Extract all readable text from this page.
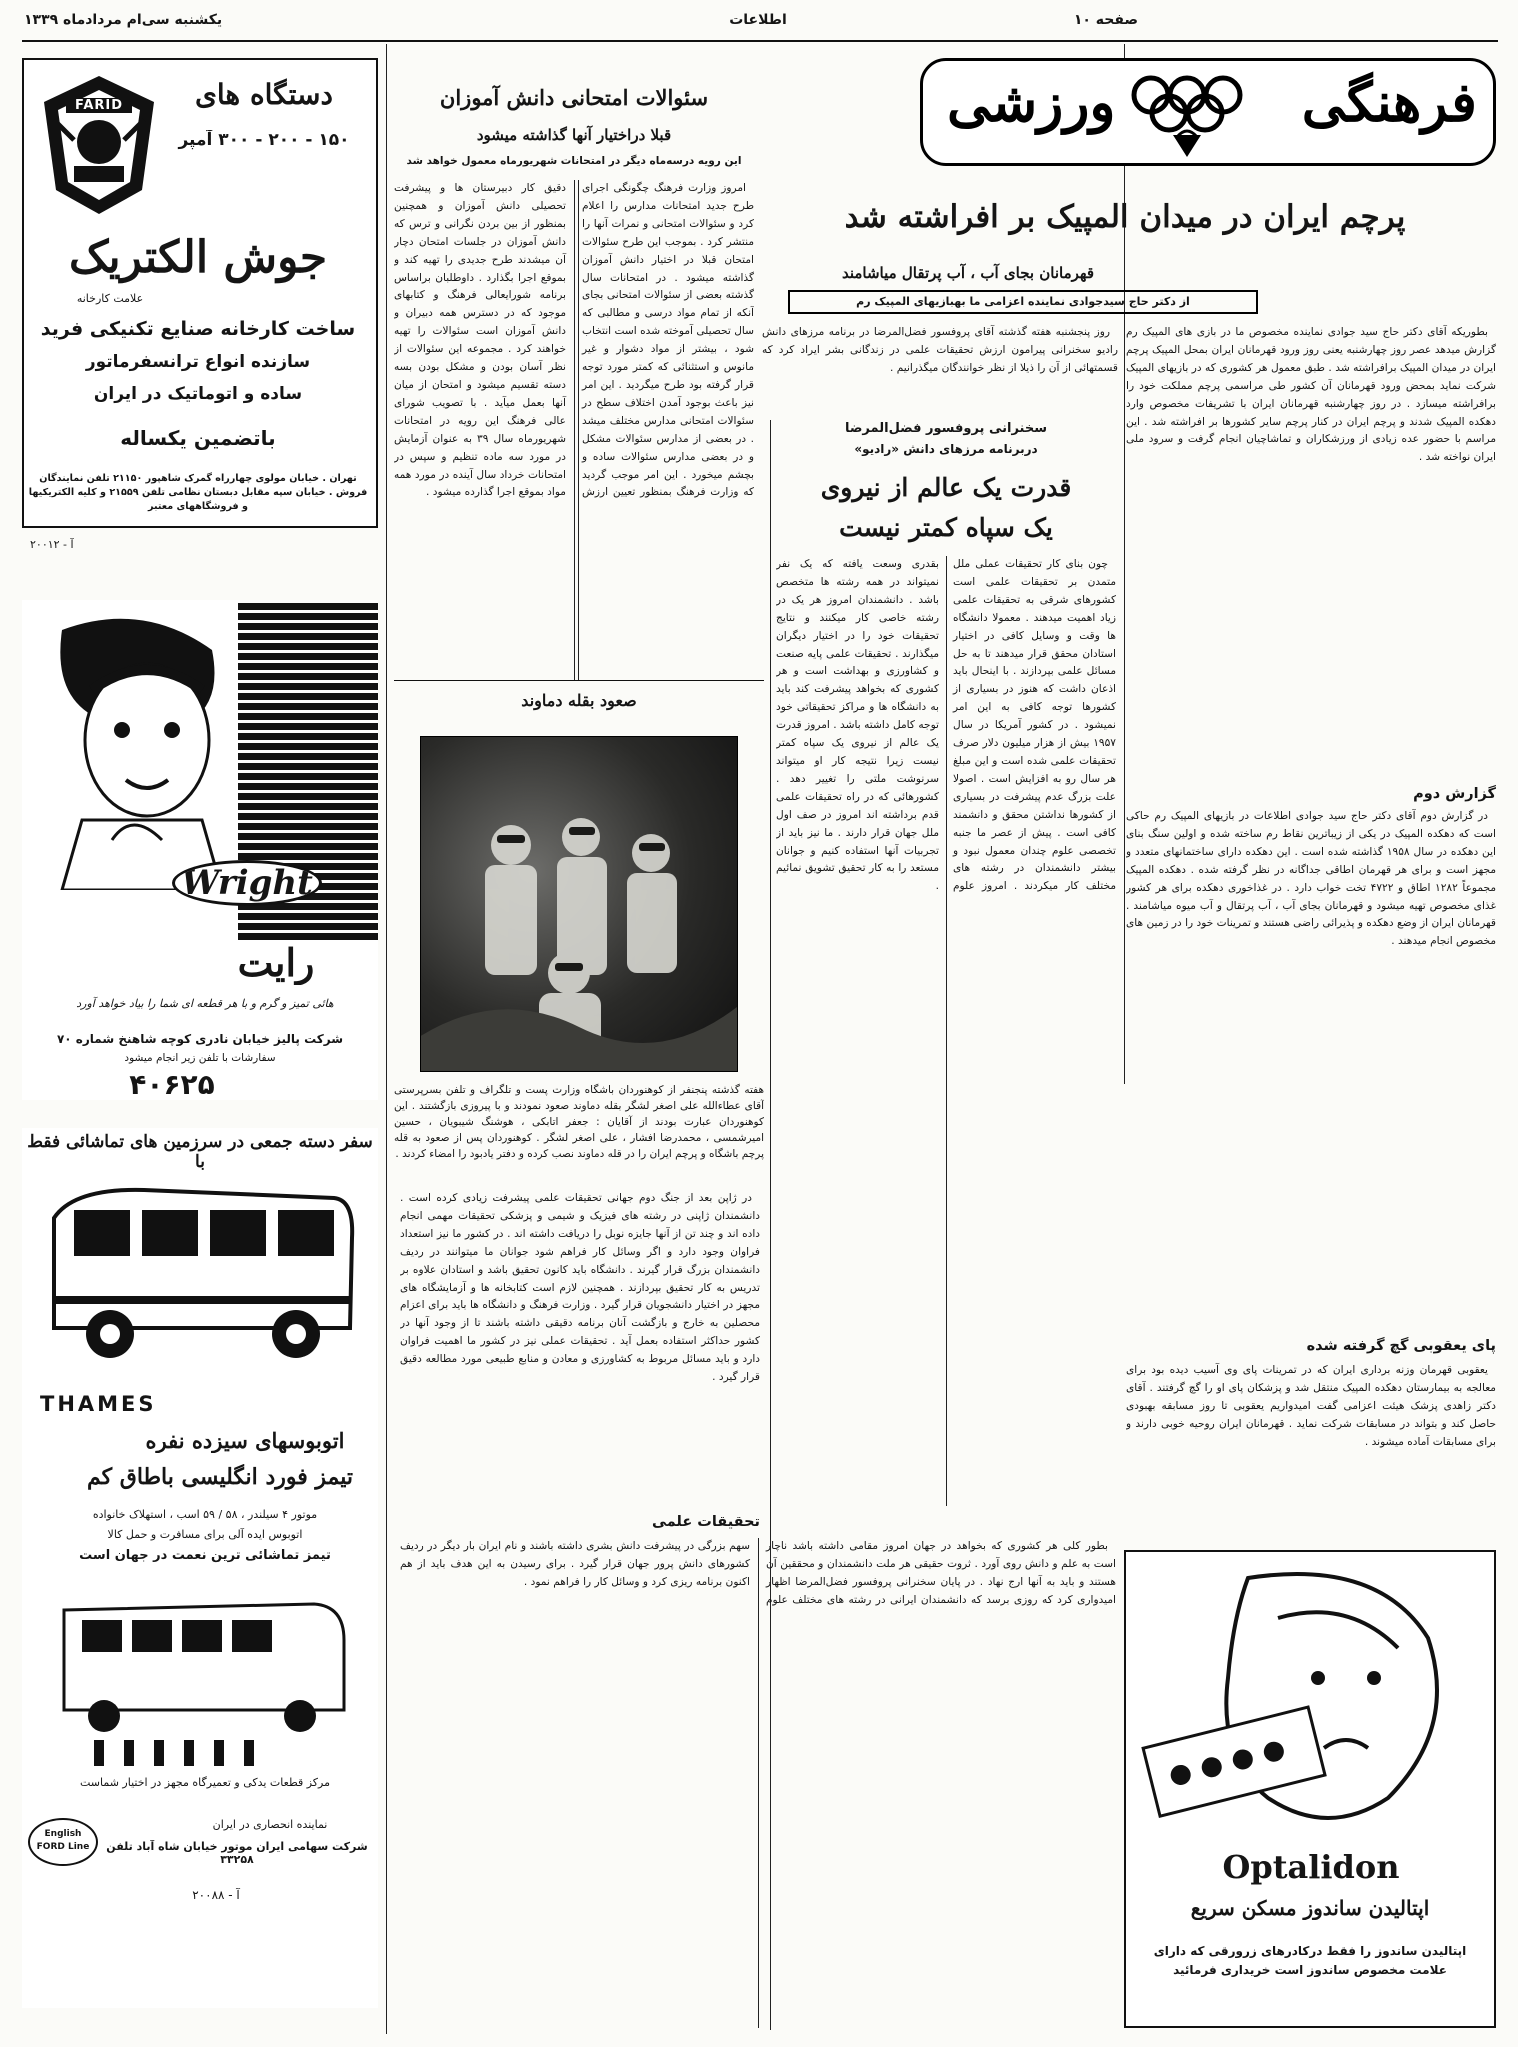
صفحه ۱۰
اطلاعات
یکشنبه سی‌ام مردادماه ۱۳۳۹
فرهنگی
ورزشی
پرچم ایران در میدان المپیک بر افراشته شد
قهرمانان بجای آب ، آب پرتقال میاشامند
از دکتر حاج سیدجوادی نماینده اعزامی ما بهبازیهای المپیک رم

بطوریکه آقای دکتر حاج سید جوادی نماینده مخصوص ما در بازی های المپیک رم گزارش میدهد عصر روز چهارشنبه یعنی روز ورود قهرمانان ایران بمحل المپیک پرچم ایران در میدان المپیک برافراشته شد . طبق معمول هر کشوری که در بازیهای المپیک شرکت نماید بمحض ورود قهرمانان آن کشور طی مراسمی پرچم مملکت خود را برافراشته میسازد . در روز چهارشنبه قهرمانان ایران با تشریفات مخصوص وارد دهکده المپیک شدند و پرچم ایران در کنار پرچم سایر کشورها بر افراشته شد . این مراسم با حضور عده زیادی از ورزشکاران و تماشاچیان انجام گرفت و سرود ملی ایران نواخته شد .

روز پنجشنبه هفته گذشته آقای پروفسور فضل‌المرضا در برنامه مرزهای دانش رادیو سخنرانی پیرامون ارزش تحقیقات علمی در زندگانی بشر ایراد کرد که قسمتهائی از آن را ذیلا از نظر خوانندگان میگذرانیم .

گزارش دوم

در گزارش دوم آقای دکتر حاج سید جوادی اطلاعات در بازیهای المپیک رم حاکی است که دهکده المپیک در یکی از زیباترین نقاط رم ساخته شده و اولین سنگ بنای این دهکده در سال ۱۹۵۸ گذاشته شده است . این دهکده دارای ساختمانهای متعدد و مجهز است و برای هر قهرمان اطاقی جداگانه در نظر گرفته شده . دهکده المپیک مجموعاً ۱۲۸۲ اطاق و ۴۷۲۲ تخت خواب دارد . در غذاخوری دهکده برای هر کشور غذای مخصوص تهیه میشود و قهرمانان بجای آب ، آب پرتقال و آب میوه میاشامند . قهرمانان ایران از وضع دهکده و پذیرائی راضی هستند و تمرینات خود را در زمین های مخصوص انجام میدهند .

پای یعقوبی گچ گرفته شده

یعقوبی قهرمان وزنه برداری ایران که در تمرینات پای وی آسیب دیده بود برای معالجه به بیمارستان دهکده المپیک منتقل شد و پزشکان پای او را گچ گرفتند . آقای دکتر زاهدی پزشک هیئت اعزامی گفت امیدواریم یعقوبی تا روز مسابقه بهبودی حاصل کند و بتواند در مسابقات شرکت نماید . قهرمانان ایران روحیه خوبی دارند و برای مسابقات آماده میشوند .

سئوالات امتحانی دانش آموزان
قبلا دراختیار آنها گذاشته میشود
این رویه درسه‌ماه دیگر در امتحانات شهریورماه معمول خواهد شد

امروز وزارت فرهنگ چگونگی اجرای طرح جدید امتحانات مدارس را اعلام کرد و سئوالات امتحانی و نمرات آنها را منتشر کرد . بموجب این طرح سئوالات امتحان قبلا در اختیار دانش آموزان گذاشته میشود . در امتحانات سال گذشته بعضی از سئوالات امتحانی بجای آنکه از تمام مواد درسی و مطالبی که سال تحصیلی آموخته شده است انتخاب شود ، بیشتر از مواد دشوار و غیر مانوس و استثنائی که کمتر مورد توجه قرار گرفته بود طرح میگردید . این امر نیز باعث بوجود آمدن اختلاف سطح در سئوالات امتحانی مدارس مختلف میشد . در بعضی از مدارس سئوالات مشکل و در بعضی مدارس سئوالات ساده و بچشم میخورد . این امر موجب گردید که وزارت فرهنگ بمنظور تعیین ارزش دقیق کار دبیرستان ها و پیشرفت تحصیلی دانش آموزان و همچنین بمنظور از بین بردن نگرانی و ترس که دانش آموزان در جلسات امتحان دچار آن میشدند طرح جدیدی را تهیه کند و بموقع اجرا بگذارد . داوطلبان براساس برنامه شورایعالی فرهنگ و کتابهای موجود که در دسترس همه دبیران و دانش آموزان است سئوالات را تهیه خواهند کرد . مجموعه این سئوالات از نظر آسان بودن و مشکل بودن بسه دسته تقسیم میشود و امتحان از میان آنها بعمل میآید . با تصویب شورای عالی فرهنگ این رویه در امتحانات شهریورماه سال ۳۹ به عنوان آزمایش در مورد سه ماده تنظیم و سپس در امتحانات خرداد سال آینده در مورد همه مواد بموقع اجرا گذارده میشود .

صعود بقله دماوند
هفته گذشته پنجنفر از کوهنوردان باشگاه وزارت پست و تلگراف و تلفن بسرپرستی آقای عطاءالله علی اصغر لشگر بقله دماوند صعود نمودند و با پیروزی بازگشتند . این کوهنوردان عبارت بودند از آقایان : جعفر اتابکی ، هوشنگ شیبویان ، حسین امیرشمسی ، محمدرضا افشار ، علی اصغر لشگر . کوهنوردان پس از صعود به قله پرچم باشگاه و پرچم ایران را در قله دماوند نصب کرده و دفتر یادبود را امضاء کردند .
سخنرانی پروفسور فضل‌المرضا
دربرنامه مرزهای دانش «رادیو»
قدرت یک عالم از نیروی
یک سپاه کمتر نیست

چون بنای کار تحقیقات عملی ملل متمدن بر تحقیقات علمی است کشورهای شرقی به تحقیقات علمی زیاد اهمیت میدهند . معمولا دانشگاه ها وقت و وسایل کافی در اختیار استادان محقق قرار میدهند تا به حل مسائل علمی بپردازند . با اینحال باید اذعان داشت که هنوز در بسیاری از کشورها توجه کافی به این امر نمیشود . در کشور آمریکا در سال ۱۹۵۷ بیش از هزار میلیون دلار صرف تحقیقات علمی شده است و این مبلغ هر سال رو به افزایش است . اصولا علت بزرگ عدم پیشرفت در بسیاری از کشورها نداشتن محقق و دانشمند کافی است . پیش از عصر ما جنبه تخصصی علوم چندان معمول نبود و بیشتر دانشمندان در رشته های مختلف کار میکردند . امروز علوم بقدری وسعت یافته که یک نفر نمیتواند در همه رشته ها متخصص باشد . دانشمندان امروز هر یک در رشته خاصی کار میکنند و نتایج تحقیقات خود را در اختیار دیگران میگذارند . تحقیقات علمی پایه صنعت و کشاورزی و بهداشت است و هر کشوری که بخواهد پیشرفت کند باید به دانشگاه ها و مراکز تحقیقاتی خود توجه کامل داشته باشد . امروز قدرت یک عالم از نیروی یک سپاه کمتر نیست زیرا نتیجه کار او میتواند سرنوشت ملتی را تغییر دهد . کشورهائی که در راه تحقیقات علمی قدم برداشته اند امروز در صف اول ملل جهان قرار دارند . ما نیز باید از تجربیات آنها استفاده کنیم و جوانان مستعد را به کار تحقیق تشویق نمائیم .

تحقیقات علمی

در ژاپن بعد از جنگ دوم جهانی تحقیقات علمی پیشرفت زیادی کرده است . دانشمندان ژاپنی در رشته های فیزیک و شیمی و پزشکی تحقیقات مهمی انجام داده اند و چند تن از آنها جایزه نوبل را دریافت داشته اند . در کشور ما نیز استعداد فراوان وجود دارد و اگر وسائل کار فراهم شود جوانان ما میتوانند در ردیف دانشمندان بزرگ قرار گیرند . دانشگاه باید کانون تحقیق باشد و استادان علاوه بر تدریس به کار تحقیق بپردازند . همچنین لازم است کتابخانه ها و آزمایشگاه های مجهز در اختیار دانشجویان قرار گیرد . وزارت فرهنگ و دانشگاه ها باید برای اعزام محصلین به خارج و بازگشت آنان برنامه دقیقی داشته باشند تا از وجود آنها در کشور حداکثر استفاده بعمل آید . تحقیقات عملی نیز در کشور ما اهمیت فراوان دارد و باید مسائل مربوط به کشاورزی و معادن و منابع طبیعی مورد مطالعه دقیق قرار گیرد .

بطور کلی هر کشوری که بخواهد در جهان امروز مقامی داشته باشد ناچار است به علم و دانش روی آورد . ثروت حقیقی هر ملت دانشمندان و محققین آن هستند و باید به آنها ارج نهاد . در پایان سخنرانی پروفسور فضل‌المرضا اظهار امیدواری کرد که روزی برسد که دانشمندان ایرانی در رشته های مختلف علوم سهم بزرگی در پیشرفت دانش بشری داشته باشند و نام ایران بار دیگر در ردیف کشورهای دانش پرور جهان قرار گیرد . برای رسیدن به این هدف باید از هم اکنون برنامه ریزی کرد و وسائل کار را فراهم نمود .

FARID	دستگاه های
۱۵۰ - ۲۰۰ - ۳۰۰ آمپر
جوش الکتریک
علامت کارخانه
ساخت کارخانه صنایع تکنیکی فرید
سازنده انواع ترانسفرماتور
ساده و اتوماتیک در ایران
باتضمین یکساله
تهران . خیابان مولوی چهارراه گمرک شاهپور ۲۱۱۵۰ تلفن نمایندگان فروش . خیابان سپه مقابل دبستان نظامی تلفن ۲۱۵۵۹ و کلیه الکتریکیها و فروشگاههای معتبر
آ - ۲۰۰۱۲
Wright
رایت
هائی تمیز و گرم و با هر قطعه ای شما را بیاد خواهد آورد
شرکت پالیز خیابان نادری کوچه شاهنخ شماره ۷۰
سفارشات با تلفن زیر انجام میشود
۴۰۶۲۵
سفر دسته جمعی در سرزمین های تماشائی فقط با
THAMES
اتوبوسهای سیزده نفره
تیمز فورد انگلیسی باطاق کم
موتور ۴ سیلندر ، ۵۸ / ۵۹ اسب ، استهلاک خانواده
اتوبوس ایده آلی برای مسافرت و حمل کالا
تیمز تماشائی ترین نعمت در جهان است
مرکز قطعات یدکی و تعمیرگاه مجهز در اختیار شماست
نماینده انحصاری در ایران
شرکت سهامی ایران موتور خیابان شاه آباد تلفن ۳۳۲۵۸
English FORD Line
آ - ۲۰۰۸۸
Optalidon
اپتالیدن ساندوز مسکن سریع
اپتالیدن ساندوز را فقط درکادرهای زرورقی که دارای علامت مخصوص ساندوز است خریداری فرمائید
